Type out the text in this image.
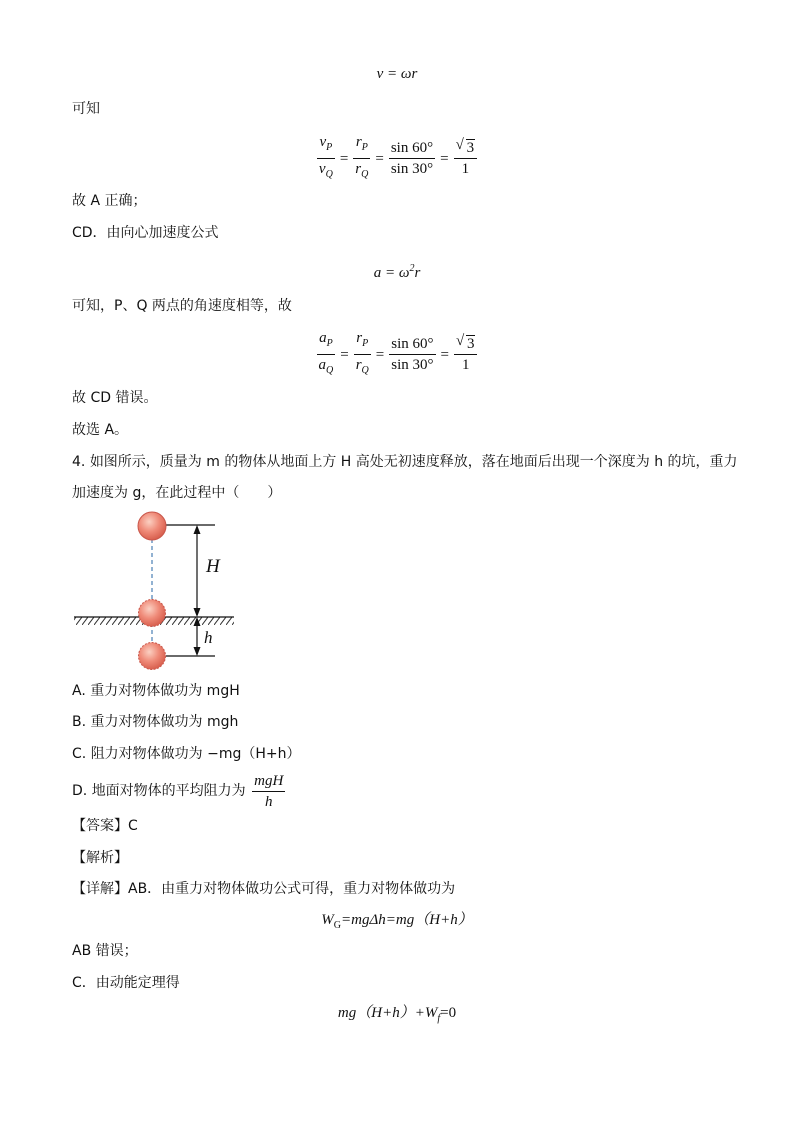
v = ωr
可知
$\frac{v_P}{v_Q} = \frac{r_P}{r_Q} = \frac{\sin 60^\circ}{\sin 30^\circ}$ = √ $\frac{3}{1}$
故 A 正确；
CD．由向心加速度公式
$a = \omega^2r$
可知，P、Q 两点的角速度相等，故
$\frac{a_P}{a_Q} = \frac{r_P}{r_Q} = \frac{\sin 60^\circ}{\sin 30^\circ}$ = √ $\frac{3}{1}$
故 CD 错误。
故选 A。
4. 如图所示，质量为 m 的物体从地面上方 H 高处无初速度释放，落在地面后出现一个深度为 h 的坑，重力
加速度为 g，在此过程中（　　）
H
h
A. 重力对物体做功为 mgH
B. 重力对物体做功为 mgh
C. 阻力对物体做功为 −mg（H+h）
D. 地面对物体的平均阻力为 $\frac{\text{mgH}}{h}$
【答案】C
【解析】
【详解】AB．由重力对物体做功公式可得，重力对物体做功为
$W_G=mg\Delta h=mg(H+h)$
AB 错误；
C．由动能定理得
$mg(H+h)+W_f=0$
